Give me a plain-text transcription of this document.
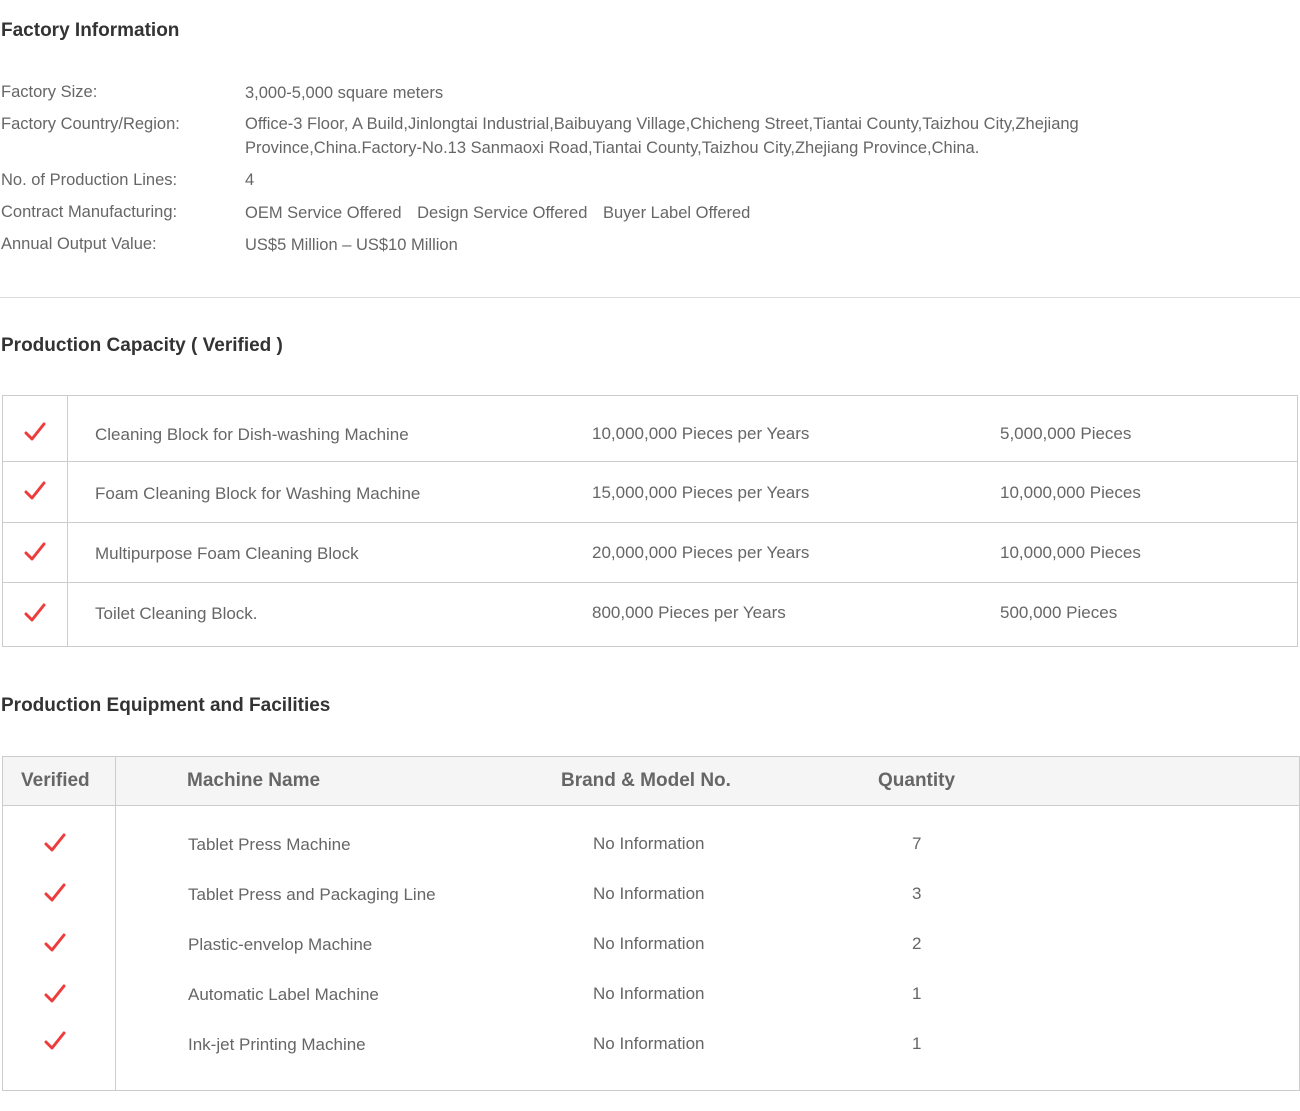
Factory Information
Factory Size:	3,000-5,000 square meters
Factory Country/Region:	Office-3 Floor, A Build,Jinlongtai Industrial,Baibuyang Village,Chicheng Street,Tiantai County,Taizhou City,Zhejiang Province,China.Factory-No.13 Sanmaoxi Road,Tiantai County,Taizhou City,Zhejiang Province,China.
No. of Production Lines:	4
Contract Manufacturing:	OEM Service Offered Design Service Offered Buyer Label Offered
Annual Output Value:	US$5 Million – US$10 Million
Production Capacity ( Verified )
Cleaning Block for Dish-washing Machine	10,000,000 Pieces per Years	5,000,000 Pieces
Foam Cleaning Block for Washing Machine	15,000,000 Pieces per Years	10,000,000 Pieces
Multipurpose Foam Cleaning Block	20,000,000 Pieces per Years	10,000,000 Pieces
Toilet Cleaning Block.	800,000 Pieces per Years	500,000 Pieces
Production Equipment and Facilities
Verified	Machine Name	Brand & Model No.	Quantity
Tablet Press Machine	No Information	7
Tablet Press and Packaging Line	No Information	3
Plastic-envelop Machine	No Information	2
Automatic Label Machine	No Information	1
Ink-jet Printing Machine	No Information	1
